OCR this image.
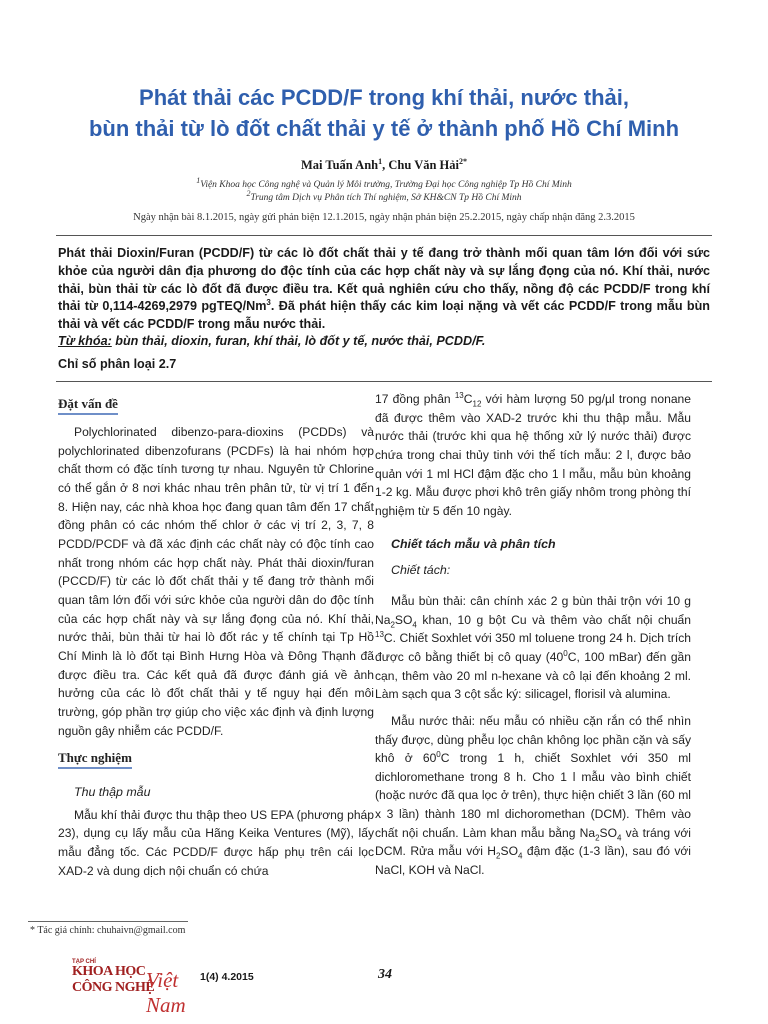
Phát thải các PCDD/F trong khí thải, nước thải,
bùn thải từ lò đốt chất thải y tế ở thành phố Hồ Chí Minh
Mai Tuấn Anh$^1$, Chu Văn Hải$^{2*}$
$^1$Viện Khoa học Công nghệ và Quản lý Môi trường, Trường Đại học Công nghiệp Tp Hồ Chí Minh
$^2$Trung tâm Dịch vụ Phân tích Thí nghiệm, Sở KH&CN Tp Hồ Chí Minh
Ngày nhận bài 8.1.2015, ngày gửi phản biện 12.1.2015, ngày nhận phản biện 25.2.2015, ngày chấp nhận đăng 2.3.2015
Phát thải Dioxin/Furan (PCDD/F) từ các lò đốt chất thải y tế đang trở thành mối quan tâm lớn đối với sức khỏe của người dân địa phương do độc tính của các hợp chất này và sự lắng đọng của nó. Khí thải, nước thải, bùn thải từ các lò đốt đã được điều tra. Kết quả nghiên cứu cho thấy, nồng độ các PCDD/F trong khí thải từ 0,114-4269,2979 pgTEQ/Nm$^3$. Đã phát hiện thấy các kim loại nặng và vết các PCDD/F trong mẫu bùn thải và vết các PCDD/F trong mẫu nước thải.
Từ khóa: bùn thải, dioxin, furan, khí thải, lò đốt y tế, nước thải, PCDD/F.
Chỉ số phân loại 2.7
Đặt vấn đề

Polychlorinated dibenzo-para-dioxins (PCDDs) và polychlorinated dibenzofurans (PCDFs) là hai nhóm hợp chất thơm có đặc tính tương tự nhau. Nguyên tử Chlorine có thể gắn ở 8 nơi khác nhau trên phân tử, từ vị trí 1 đến 8. Hiện nay, các nhà khoa học đang quan tâm đến 17 chất đồng phân có các nhóm thế chlor ở các vị trí 2, 3, 7, 8 PCDD/PCDF và đã xác định các chất này có độc tính cao nhất trong nhóm các hợp chất này. Phát thải dioxin/furan (PCCD/F) từ các lò đốt chất thải y tế đang trở thành mối quan tâm lớn đối với sức khỏe của người dân do độc tính của các hợp chất này và sự lắng đọng của nó. Khí thải, nước thải, bùn thải từ hai lò đốt rác y tế chính tại Tp Hồ Chí Minh là lò đốt tại Bình Hưng Hòa và Đông Thạnh đã được điều tra. Các kết quả đã được đánh giá về ảnh hưởng của các lò đốt chất thải y tế nguy hại đến môi trường, góp phần trợ giúp cho việc xác định và định lượng nguồn gây nhiễm các PCDD/F.

Thực nghiệm
Thu thập mẫu

Mẫu khí thải được thu thập theo US EPA (phương pháp 23), dụng cụ lấy mẫu của Hãng Keika Ventures (Mỹ), lấy mẫu đẳng tốc. Các PCDD/F được hấp phụ trên cái lọc XAD-2 và dung dịch nội chuẩn có chứa

17 đồng phân $^{13}C_{12}$ với hàm lượng 50 pg/µl trong nonane đã được thêm vào XAD-2 trước khi thu thập mẫu. Mẫu nước thải (trước khi qua hệ thống xử lý nước thải) được chứa trong chai thủy tinh với thể tích mẫu: 2 l, được bảo quản với 1 ml HCl đậm đặc cho 1 l mẫu, mẫu bùn khoảng 1-2 kg. Mẫu được phơi khô trên giấy nhôm trong phòng thí nghiệm từ 5 đến 10 ngày.

Chiết tách mẫu và phân tích
Chiết tách:

Mẫu bùn thải: cân chính xác 2 g bùn thải trộn với 10 g $Na_2SO_4$ khan, 10 g bột Cu và thêm vào chất nội chuẩn $^{13}$C. Chiết Soxhlet với 350 ml toluene trong 24 h. Dịch trích được cô bằng thiết bị cô quay ($40^0C$, 100 mBar) đến gần cạn, thêm vào 20 ml n-hexane và cô lại đến khoảng 2 ml. Làm sạch qua 3 cột sắc ký: silicagel, florisil và alumina.

Mẫu nước thải: nếu mẫu có nhiều cặn rắn có thể nhìn thấy được, dùng phễu lọc chân không lọc phần cặn và sấy khô ở $60^0C$ trong 1 h, chiết Soxhlet với 350 ml dichloromethane trong 8 h. Cho 1 l mẫu vào bình chiết (hoặc nước đã qua lọc ở trên), thực hiện chiết 3 lần (60 ml x 3 lần) thành 180 ml dichoromethan (DCM). Thêm vào chất nội chuẩn. Làm khan mẫu bằng $Na_2SO_4$ và tráng với DCM. Rửa mẫu với $H_2SO_4$ đậm đặc (1-3 lần), sau đó với NaCl, KOH và NaCl.

* Tác giả chính: chuhaivn@gmail.com
TẠP CHÍ
KHOA HỌC
CÔNG NGHỆ
Việt Nam
1(4) 4.2015	34
